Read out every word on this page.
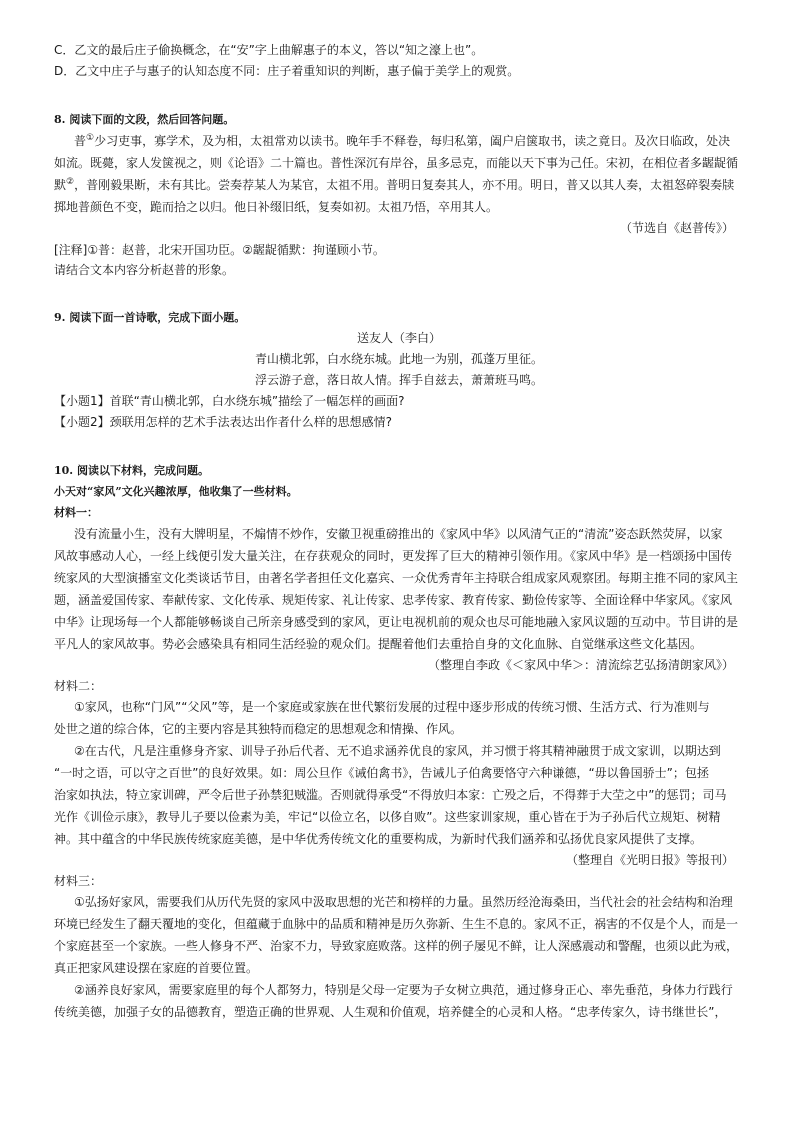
C．乙文的最后庄子偷换概念，在“安”字上曲解惠子的本义，答以“知之濠上也”。
D．乙文中庄子与惠子的认知态度不同：庄子着重知识的判断，惠子偏于美学上的观赏。
8. 阅读下面的文段，然后回答问题。
普①少习吏事，寡学术，及为相，太祖常劝以读书。晚年手不释卷，每归私第，阖户启箧取书，读之竟日。及次日临政，处决
如流。既薨，家人发箧视之，则《论语》二十篇也。普性深沉有岸谷，虽多忌克，而能以天下事为己任。宋初，在相位者多龌龊循
默②，普刚毅果断，未有其比。尝奏荐某人为某官，太祖不用。普明日复奏其人，亦不用。明日，普又以其人奏，太祖怒碎裂奏牍
掷地普颜色不变，跪而拾之以归。他日补缀旧纸，复奏如初。太祖乃悟，卒用其人。
（节选自《赵普传》）
[注释]①普：赵普，北宋开国功臣。②龌龊循默：拘谨顾小节。
请结合文本内容分析赵普的形象。
9. 阅读下面一首诗歌，完成下面小题。
送友人（李白）
青山横北郭，白水绕东城。此地一为别，孤蓬万里征。
浮云游子意，落日故人情。挥手自兹去，萧萧班马鸣。
【小题1】首联“青山横北郭，白水绕东城”描绘了一幅怎样的画面?
【小题2】颈联用怎样的艺术手法表达出作者什么样的思想感情?
10. 阅读以下材料，完成问题。
小天对“家风”文化兴趣浓厚，他收集了一些材料。
材料一：
没有流量小生，没有大牌明星，不煽情不炒作，安徽卫视重磅推出的《家风中华》以风清气正的“清流”姿态跃然荧屏，以家
风故事感动人心，一经上线便引发大量关注，在存获观众的同时，更发挥了巨大的精神引领作用。《家风中华》是一档颂扬中国传
统家风的大型演播室文化类谈话节目，由著名学者担任文化嘉宾、一众优秀青年主持联合组成家风观察团。每期主推不同的家风主
题，涵盖爱国传家、奉献传家、文化传承、规矩传家、礼让传家、忠孝传家、教育传家、勤俭传家等、全面诠释中华家风。《家风
中华》让现场每一个人都能够畅谈自己所亲身感受到的家风，更让电视机前的观众也尽可能地融入家风议题的互动中。节目讲的是
平凡人的家风故事。势必会感染具有相同生活经验的观众们。提醒着他们去重拾自身的文化血脉、自觉继承这些文化基因。
（整理自李政《＜家风中华＞：清流综艺弘扬清朗家风》）
材料二：
①家风，也称“门风”“父风”等，是一个家庭或家族在世代繁衍发展的过程中逐步形成的传统习惯、生活方式、行为准则与
处世之道的综合体，它的主要内容是其独特而稳定的思想观念和情操、作风。
②在古代，凡是注重修身齐家、训导子孙后代者、无不追求涵养优良的家风，并习惯于将其精神融贯于成文家训，以期达到
“一时之语，可以守之百世”的良好效果。如：周公旦作《诫伯禽书》，告诫儿子伯禽要恪守六种谦德，“毋以鲁国骄士”；包拯
治家如执法，特立家训碑，严令后世子孙禁犯贼滥。否则就得承受“不得放归本家：亡殁之后，不得葬于大茔之中”的惩罚；司马
光作《训俭示康》，教导儿子要以俭素为美，牢记“以俭立名，以侈自败”。这些家训家规，重心皆在于为子孙后代立规矩、树精
神。其中蕴含的中华民族传统家庭美德，是中华优秀传统文化的重要构成，为新时代我们涵养和弘扬优良家风提供了支撑。
（整理自《光明日报》等报刊）
材料三：
①弘扬好家风，需要我们从历代先贤的家风中汲取思想的光芒和榜样的力量。虽然历经沧海桑田，当代社会的社会结构和治理
环境已经发生了翻天覆地的变化，但蕴藏于血脉中的品质和精神是历久弥新、生生不息的。家风不正，祸害的不仅是个人，而是一
个家庭甚至一个家族。一些人修身不严、治家不力，导致家庭败落。这样的例子屡见不鲜，让人深感震动和警醒，也须以此为戒，
真正把家风建设摆在家庭的首要位置。
②涵养良好家风，需要家庭里的每个人都努力，特别是父母一定要为子女树立典范，通过修身正心、率先垂范，身体力行践行
传统美德，加强子女的品德教育，塑造正确的世界观、人生观和价值观，培养健全的心灵和人格。“忠孝传家久，诗书继世长”，
